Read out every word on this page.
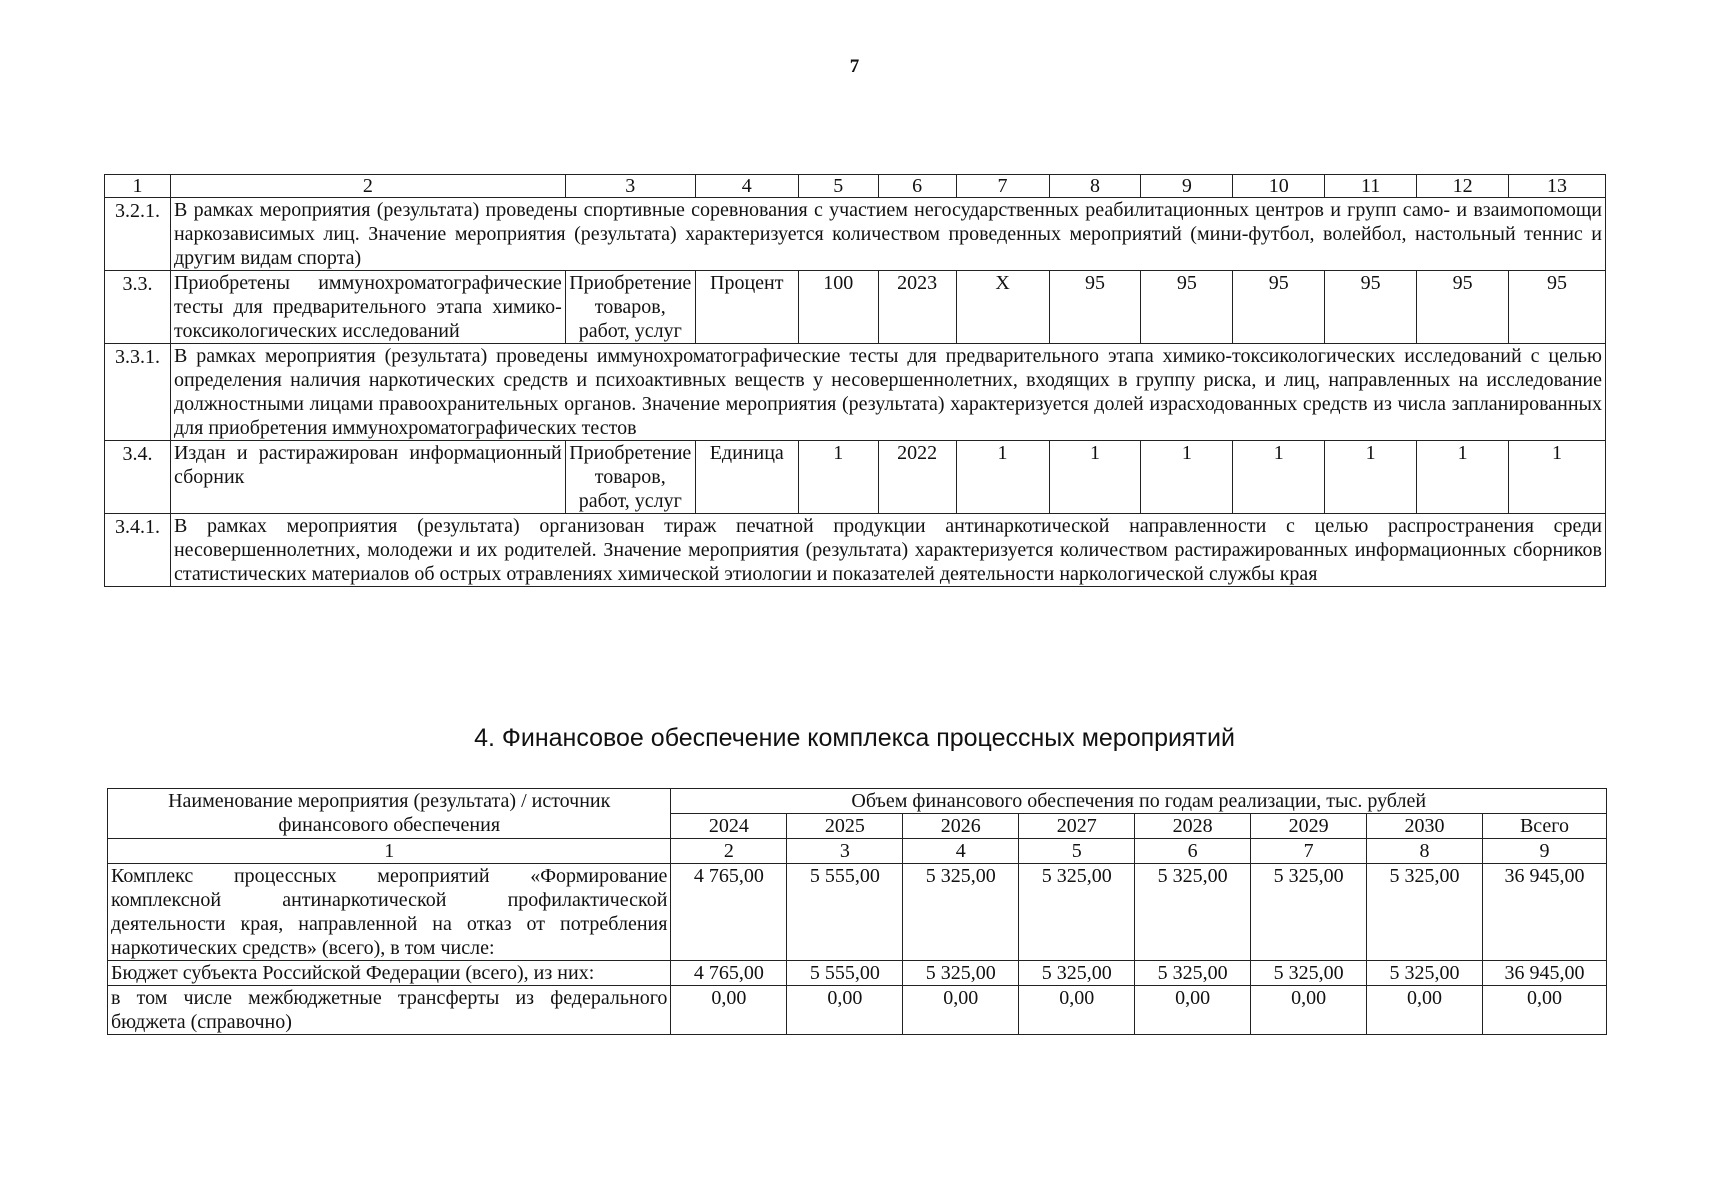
7
1	2	3	4	5	6	7	8	9	10	11	12	13
3.2.1.	В рамках мероприятия (результата) проведены спортивные соревнования с участием негосударственных реабилитационных центров и групп само- и взаимопомощи наркозависимых лиц. Значение мероприятия (результата) характеризуется количеством проведенных мероприятий (мини-футбол, волейбол, настольный теннис и другим видам спорта)											
3.3.	Приобретены иммунохроматографические тесты для предварительного этапа химико-токсикологических исследований	Приобретение товаров, работ, услуг	Процент	100	2023	X	95	95	95	95	95	95
3.3.1.	В рамках мероприятия (результата) проведены иммунохроматографические тесты для предварительного этапа химико-токсикологических исследований с целью определения наличия наркотических средств и психоактивных веществ у несовершеннолетних, входящих в группу риска, и лиц, направленных на исследование должностными лицами правоохранительных органов. Значение мероприятия (результата) характеризуется долей израсходованных средств из числа запланированных для приобретения иммунохроматографических тестов											
3.4.	Издан и растиражирован информационный сборник	Приобретение товаров, работ, услуг	Единица	1	2022	1	1	1	1	1	1	1
3.4.1.	В рамках мероприятия (результата) организован тираж печатной продукции антинаркотической направленности с целью распространения среди несовершеннолетних, молодежи и их родителей. Значение мероприятия (результата) характеризуется количеством растиражированных информационных сборников статистических материалов об острых отравлениях химической этиологии и показателей деятельности наркологической службы края											
4. Финансовое обеспечение комплекса процессных мероприятий
Наименование мероприятия (результата) / источник финансового обеспечения	Объем финансового обеспечения по годам реализации, тыс. рублей							
	2024	2025	2026	2027	2028	2029	2030	Всего
1	2	3	4	5	6	7	8	9
Комплекс процессных мероприятий «Формирование комплексной антинаркотической профилактической деятельности края, направленной на отказ от потребления наркотических средств» (всего), в том числе:	4 765,00	5 555,00	5 325,00	5 325,00	5 325,00	5 325,00	5 325,00	36 945,00
Бюджет субъекта Российской Федерации (всего), из них:	4 765,00	5 555,00	5 325,00	5 325,00	5 325,00	5 325,00	5 325,00	36 945,00
в том числе межбюджетные трансферты из федерального бюджета (справочно)	0,00	0,00	0,00	0,00	0,00	0,00	0,00	0,00
